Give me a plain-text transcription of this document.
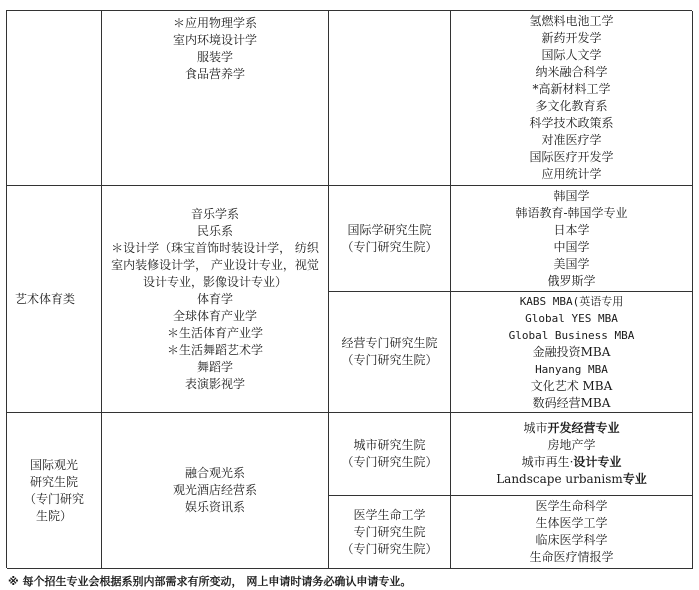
＊应用物理学系
室内环境设计学
服装学
食品营养学
氢燃料电池工学
新药开发学
国际人文学
纳米融合科学
*高新材料工学
多文化教育系
科学技术政策系
对准医疗学
国际医疗开发学
应用统计学
艺术体育类
音乐学系
民乐系
＊设计学（珠宝首饰时装设计学， 纺织室内装修设计学， 产业设计专业，视觉设计专业，影像设计专业）
体育学
全球体育产业学
＊生活体育产业学
＊生活舞蹈艺术学
舞蹈学
表演影视学
国际学研究生院
（专门研究生院）
韩国学
韩语教育-韩国学专业
日本学
中国学
美国学
俄罗斯学
经营专门研究生院
（专门研究生院）
KABS MBA(英语专用
Global YES MBA
Global Business MBA
金融投资MBA
Hanyang MBA
文化艺术 MBA
数码经营MBA
国际观光
研究生院
（专门研究
生院）
融合观光系
观光酒店经营系
娱乐资讯系
城市研究生院
（专门研究生院）
城市开发经营专业
房地产学
城市再生·设计专业
Landscape urbanism专业
医学生命工学
专门研究生院
（专门研究生院）
医学生命科学
生体医学工学
临床医学科学
生命医疗情报学
※ 每个招生专业会根据系别内部需求有所变动， 网上申请时请务必确认申请专业。
